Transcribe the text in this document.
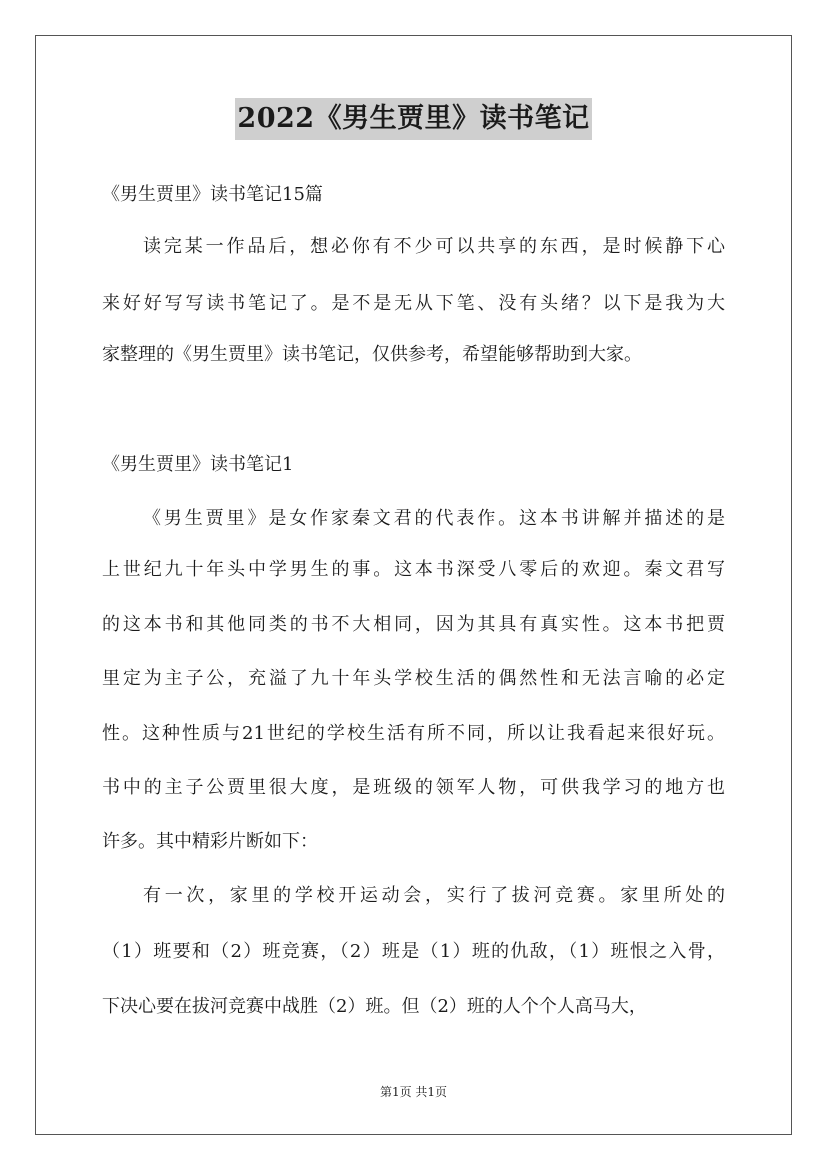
2022《男生贾里》读书笔记
《男生贾里》读书笔记15篇
读完某一作品后，想必你有不少可以共享的东西，是时候静下心
来好好写写读书笔记了。是不是无从下笔、没有头绪？以下是我为大
家整理的《男生贾里》读书笔记，仅供参考，希望能够帮助到大家。
《男生贾里》读书笔记1
《男生贾里》是女作家秦文君的代表作。这本书讲解并描述的是
上世纪九十年头中学男生的事。这本书深受八零后的欢迎。秦文君写
的这本书和其他同类的书不大相同，因为其具有真实性。这本书把贾
里定为主子公，充溢了九十年头学校生活的偶然性和无法言喻的必定
性。这种性质与21世纪的学校生活有所不同，所以让我看起来很好玩。
书中的主子公贾里很大度，是班级的领军人物，可供我学习的地方也
许多。其中精彩片断如下：
有一次，家里的学校开运动会，实行了拔河竞赛。家里所处的
（1）班要和（2）班竞赛，（2）班是（1）班的仇敌，（1）班恨之入骨，
下决心要在拔河竞赛中战胜（2）班。但（2）班的人个个人高马大，
第1页 共1页
